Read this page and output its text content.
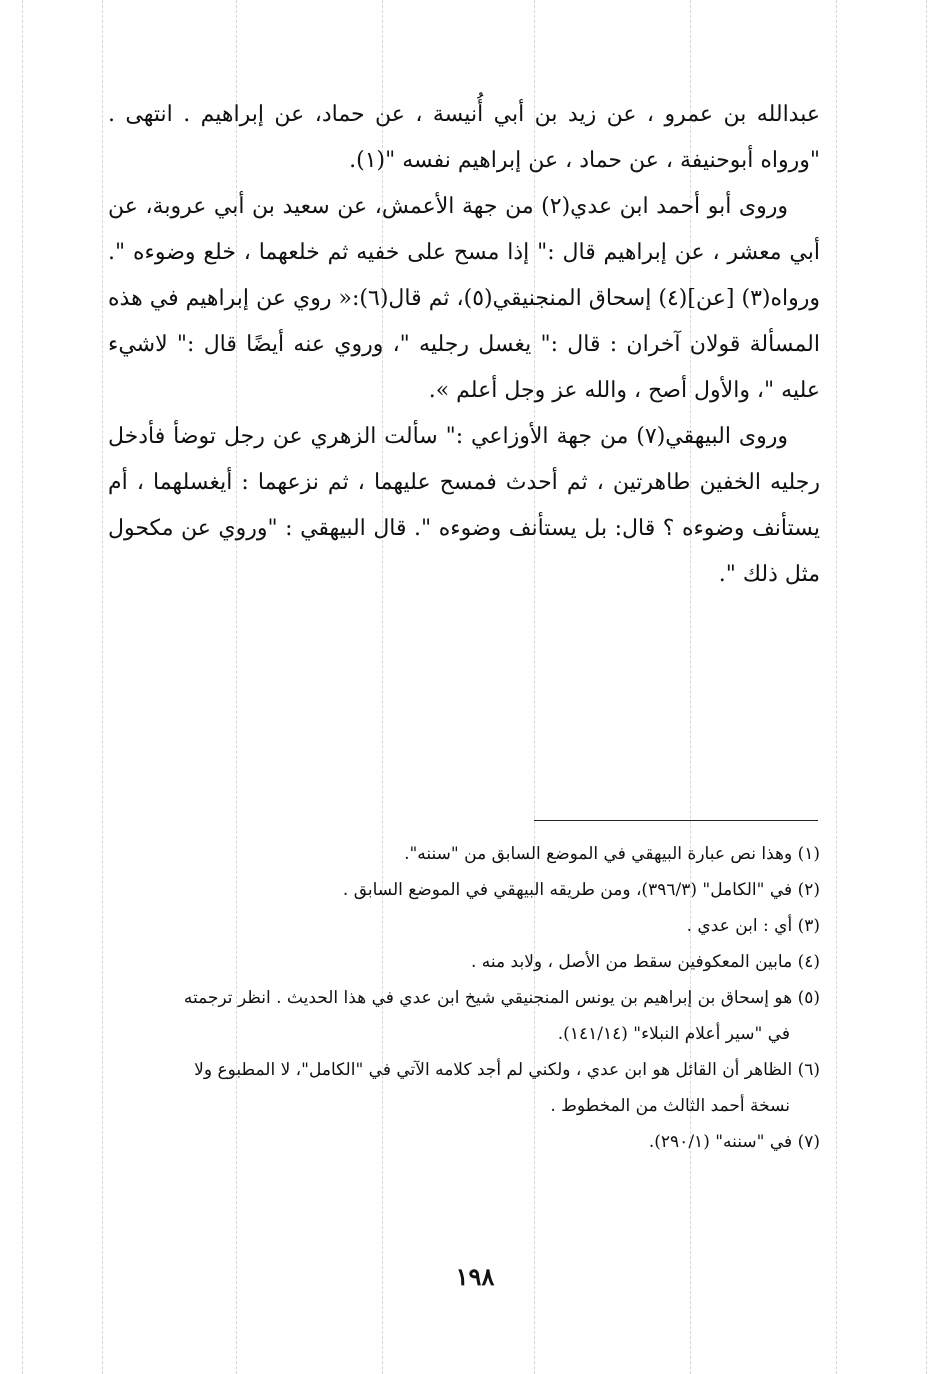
عبدالله بن عمرو ، عن زيد بن أبي أُنيسة ، عن حماد، عن إبراهيم . انتهى . "ورواه أبوحنيفة ، عن حماد ، عن إبراهيم نفسه "(١).

وروى أبو أحمد ابن عدي(٢) من جهة الأعمش، عن سعيد بن أبي عروبة، عن أبي معشر ، عن إبراهيم قال :" إذا مسح على خفيه ثم خلعهما ، خلع وضوءه ". ورواه(٣) [عن](٤) إسحاق المنجنيقي(٥)، ثم قال(٦):« روي عن إبراهيم في هذه المسألة قولان آخران : قال :" يغسل رجليه "، وروي عنه أيضًا قال :" لاشيء عليه "، والأول أصح ، والله عز وجل أعلم ».

وروى البيهقي(٧) من جهة الأوزاعي :" سألت الزهري عن رجل توضأ فأدخل رجليه الخفين طاهرتين ، ثم أحدث فمسح عليهما ، ثم نزعهما : أيغسلهما ، أم يستأنف وضوءه ؟ قال: بل يستأنف وضوءه ". قال البيهقي : "وروي عن مكحول مثل ذلك ".

(١) وهذا نص عبارة البيهقي في الموضع السابق من "سننه".

(٢) في "الكامل" (٣٩٦/٣)، ومن طريقه البيهقي في الموضع السابق .

(٣) أي : ابن عدي .

(٤) مابين المعكوفين سقط من الأصل ، ولابد منه .

(٥) هو إسحاق بن إبراهيم بن يونس المنجنيقي شيخ ابن عدي في هذا الحديث . انظر ترجمته

في "سير أعلام النبلاء" (١٤١/١٤).

(٦) الظاهر أن القائل هو ابن عدي ، ولكني لم أجد كلامه الآتي في "الكامل"، لا المطبوع ولا

نسخة أحمد الثالث من المخطوط .

(٧) في "سننه" (٢٩٠/١).

١٩٨
